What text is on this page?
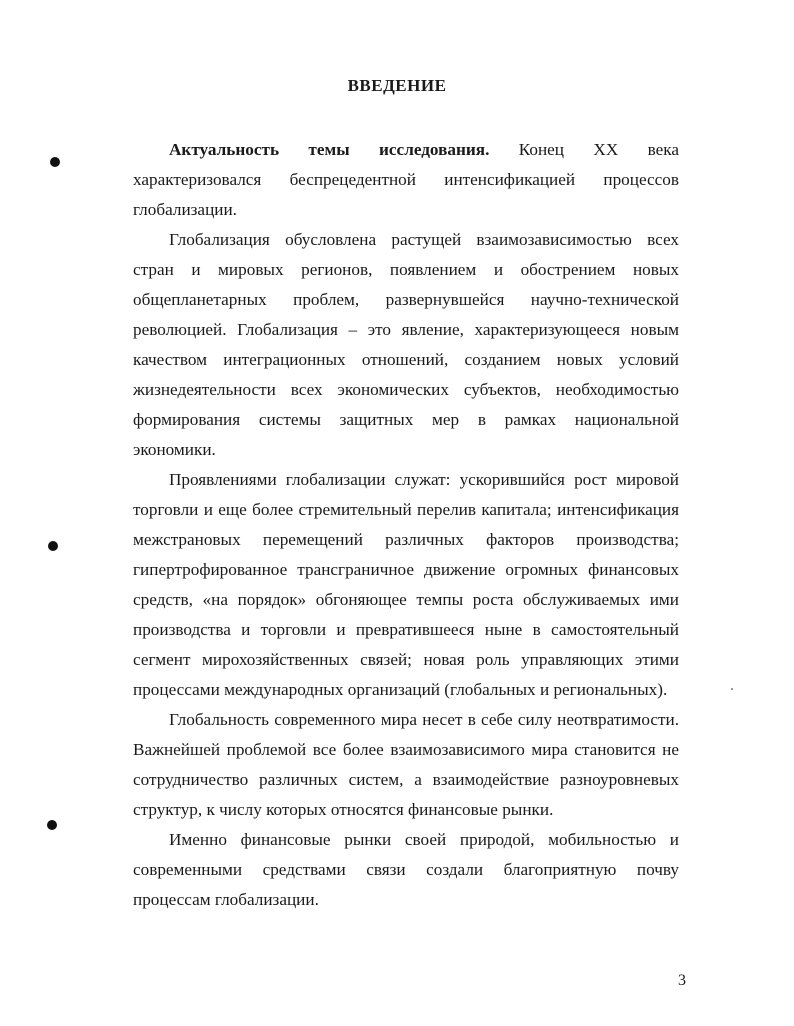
ВВЕДЕНИЕ

Актуальность темы исследования. Конец XX века характеризовался беспрецедентной интенсификацией процессов глобализации.

Глобализация обусловлена растущей взаимозависимостью всех стран и мировых регионов, появлением и обострением новых общепланетарных проблем, развернувшейся научно-технической революцией. Глобализация – это явление, характеризующееся новым качеством интеграционных отношений, созданием новых условий жизнедеятельности всех экономических субъектов, необходимостью формирования системы защитных мер в рамках национальной экономики.

Проявлениями глобализации служат: ускорившийся рост мировой торговли и еще более стремительный перелив капитала; интенсификация межстрановых перемещений различных факторов производства; гипертрофированное трансграничное движение огромных финансовых средств, «на порядок» обгоняющее темпы роста обслуживаемых ими производства и торговли и превратившееся ныне в самостоятельный сегмент мирохозяйственных связей; новая роль управляющих этими процессами международных организаций (глобальных и региональных).

Глобальность современного мира несет в себе силу неотвратимости. Важнейшей проблемой все более взаимозависимого мира становится не сотрудничество различных систем, а взаимодействие разноуровневых структур, к числу которых относятся финансовые рынки.

Именно финансовые рынки своей природой, мобильностью и современными средствами связи создали благоприятную почву процессам глобализации.

3
